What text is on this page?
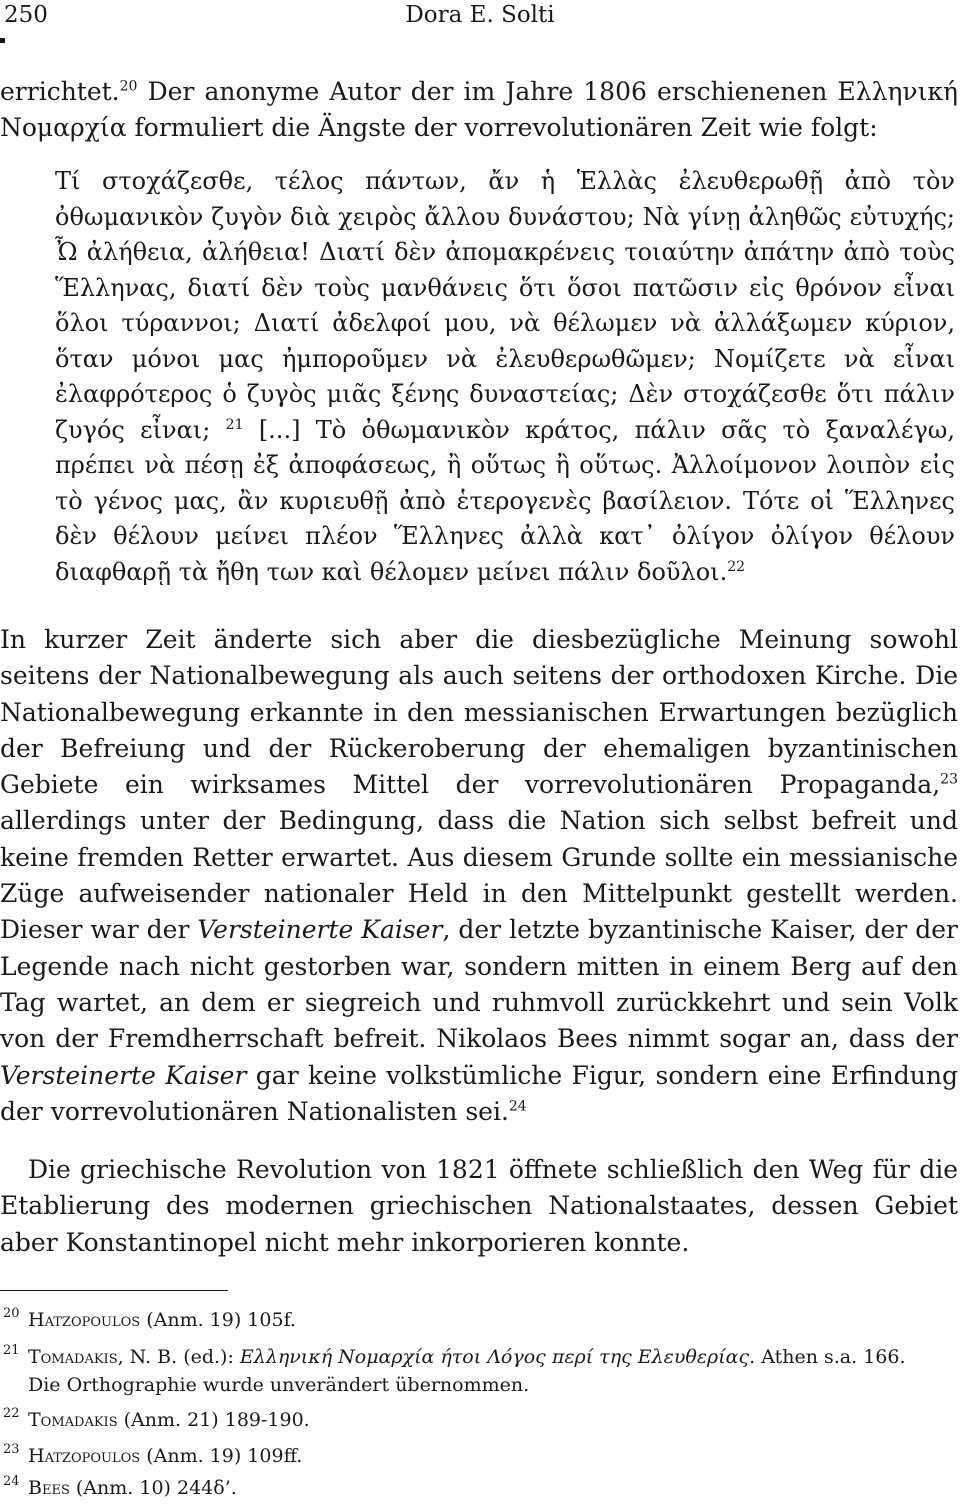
250	Dora E. Solti

errichtet.$^{20}$ Der anonyme Autor der im Jahre 1806 erschienenen Ελληνική Νομαρχία formuliert die Ängste der vorrevolutionären Zeit wie folgt:

Τί στοχάζεσθε, τέλος πάντων, ἄν ἡ Ἑλλὰς ἐλευθερωθῇ ἀπὸ τὸν ὀθωμανικὸν ζυγὸν διὰ χειρὸς ἄλλου δυνάστου; Νὰ γίνῃ ἀληθῶς εὐτυχής; Ὦ ἀλήθεια, ἀλήθεια! Διατί δὲν ἀπομακρένεις τοιαύτην ἀπάτην ἀπὸ τοὺς Ἕλληνας, διατί δὲν τοὺς μανθάνεις ὅτι ὅσοι πατῶσιν εἰς θρόνον εἶναι ὅλοι τύραννοι; Διατί ἀδελφοί μου, νὰ θέλωμεν νὰ ἀλλάξωμεν κύριον, ὅταν μόνοι μας ἠμποροῦμεν νὰ ἐλευθερωθῶμεν; Νομίζετε νὰ εἶναι ἐλαφρότερος ὁ ζυγὸς μιᾶς ξένης δυναστείας; Δὲν στοχάζεσθε ὅτι πάλιν ζυγός εἶναι; $^{21}$ [...] Τὸ ὀθωμανικὸν κράτος, πάλιν σᾶς τὸ ξαναλέγω, πρέπει νὰ πέσῃ ἐξ ἀποφάσεως, ἢ οὕτως ἢ οὕτως. Ἀλλοίμονον λοιπὸν εἰς τὸ γένος μας, ἂν κυριευθῇ ἀπὸ ἑτερογενὲς βασίλειον. Τότε οἱ Ἕλληνες δὲν θέλουν μείνει πλέον Ἕλληνες ἀλλὰ κατ᾽ ὀλίγον ὀλίγον θέλουν διαφθαρῇ τὰ ἤθη των καὶ θέλομεν μείνει πάλιν δοῦλοι.$^{22}$

In kurzer Zeit änderte sich aber die diesbezügliche Meinung sowohl seitens der Nationalbewegung als auch seitens der orthodoxen Kirche. Die Nationalbewegung erkannte in den messianischen Erwartungen bezüglich der Befreiung und der Rückeroberung der ehemaligen byzantinischen Gebiete ein wirksames Mittel der vorrevolutionären Propaganda,$^{23}$ allerdings unter der Bedingung, dass die Nation sich selbst befreit und keine fremden Retter erwartet. Aus diesem Grunde sollte ein messianische Züge aufweisender nationaler Held in den Mittelpunkt gestellt werden. Dieser war der Versteinerte Kaiser, der letzte byzantinische Kaiser, der der Legende nach nicht gestorben war, sondern mitten in einem Berg auf den Tag wartet, an dem er siegreich und ruhmvoll zurückkehrt und sein Volk von der Fremdherrschaft befreit. Nikolaos Bees nimmt sogar an, dass der Versteinerte Kaiser gar keine volkstümliche Figur, sondern eine Erfindung der vorrevolutionären Nationalisten sei.$^{24}$

Die griechische Revolution von 1821 öffnete schließlich den Weg für die Etablierung des modernen griechischen Nationalstaates, dessen Gebiet aber Konstantinopel nicht mehr inkorporieren konnte.

20 Hatzopoulos (Anm. 19) 105f.
21 Tomadakis, N. B. (ed.): Ελληνική Νομαρχία ήτοι Λόγος περί της Ελευθερίας. Athen s.a. 166.
Die Orthographie wurde unverändert übernommen.
22 Tomadakis (Anm. 21) 189-190.
23 Hatzopoulos (Anm. 19) 109ff.
24 Bees (Anm. 10) 244δ’.
